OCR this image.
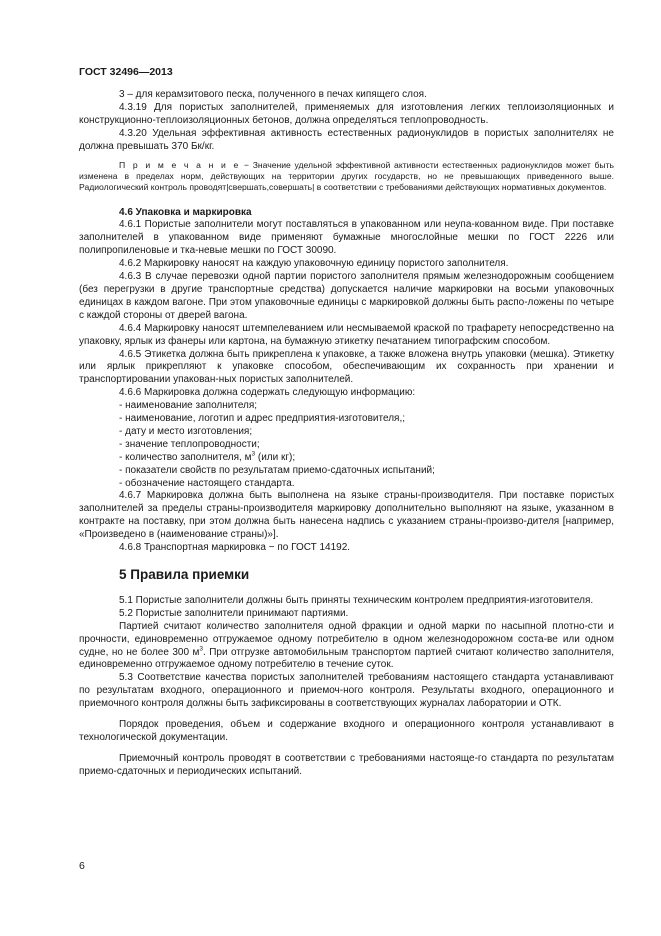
ГОСТ 32496—2013

3 – для керамзитового песка, полученного в печах кипящего слоя.

4.3.19 Для пористых заполнителей, применяемых для изготовления легких теплоизоляционных и конструкционно-теплоизоляционных бетонов, должна определяться теплопроводность.

4.3.20 Удельная эффективная активность естественных радионуклидов в пористых заполнителях не должна превышать 370 Бк/кг.

П р и м е ч а н и е − Значение удельной эффективной активности естественных радионуклидов может быть изменена в пределах норм, действующих на территории других государств, но не превышающих приведенного выше. Радиологический контроль проводят|свершать,совершать| в соответствии с требованиями действующих нормативных документов.

4.6 Упаковка и маркировка

4.6.1 Пористые заполнители могут поставляться в упакованном или неупа-кованном виде. При поставке заполнителей в упакованном виде применяют бумажные многослойные мешки по ГОСТ 2226 или полипропиленовые и тка-невые мешки по ГОСТ 30090.

4.6.2 Маркировку наносят на каждую упаковочную единицу пористого заполнителя.

4.6.3 В случае перевозки одной партии пористого заполнителя прямым железнодорожным сообщением (без перегрузки в другие транспортные средства) допускается наличие маркировки на восьми упаковочных единицах в каждом вагоне. При этом упаковочные единицы с маркировкой должны быть распо-ложены по четыре с каждой стороны от дверей вагона.

4.6.4 Маркировку наносят штемпелеванием или несмываемой краской по трафарету непосредственно на упаковку, ярлык из фанеры или картона, на бумажную этикетку печатанием типографским способом.

4.6.5 Этикетка должна быть прикреплена к упаковке, а также вложена внутрь упаковки (мешка). Этикетку или ярлык прикрепляют к упаковке способом, обеспечивающим их сохранность при хранении и транспортировании упакован-ных пористых заполнителей.

4.6.6 Маркировка должна содержать следующую информацию:

- наименование заполнителя;
- наименование, логотип и адрес предприятия-изготовителя,;
- дату и место изготовления;
- значение теплопроводности;
- количество заполнителя, $м^3$ (или кг);
- показатели свойств по результатам приемо-сдаточных испытаний;
- обозначение настоящего стандарта.

4.6.7 Маркировка должна быть выполнена на языке страны-производителя. При поставке пористых заполнителей за пределы страны-производителя маркировку дополнительно выполняют на языке, указанном в контракте на поставку, при этом должна быть нанесена надпись с указанием страны-произво-дителя [например, «Произведено в (наименование страны)»].

4.6.8 Транспортная маркировка − по ГОСТ 14192.

5 Правила приемки

5.1 Пористые заполнители должны быть приняты техническим контролем предприятия-изготовителя.

5.2 Пористые заполнители принимают партиями.

Партией считают количество заполнителя одной фракции и одной марки по насыпной плотно-сти и прочности, единовременно отгружаемое одному потребителю в одном железнодорожном соста-ве или одном судне, но не более 300 $м^3$. При отгрузке автомобильным транспортом партией считают количество заполнителя, единовременно отгружаемое одному потребителю в течение суток.

5.3 Соответствие качества пористых заполнителей требованиям настоящего стандарта устанавливают по результатам входного, операционного и приемоч-ного контроля. Результаты входного, операционного и приемочного контроля должны быть зафиксированы в соответствующих журналах лаборатории и ОТК.

Порядок проведения, объем и содержание входного и операционного контроля устанавливают в технологической документации.

Приемочный контроль проводят в соответствии с требованиями настояще-го стандарта по результатам приемо-сдаточных и периодических испытаний.

6
